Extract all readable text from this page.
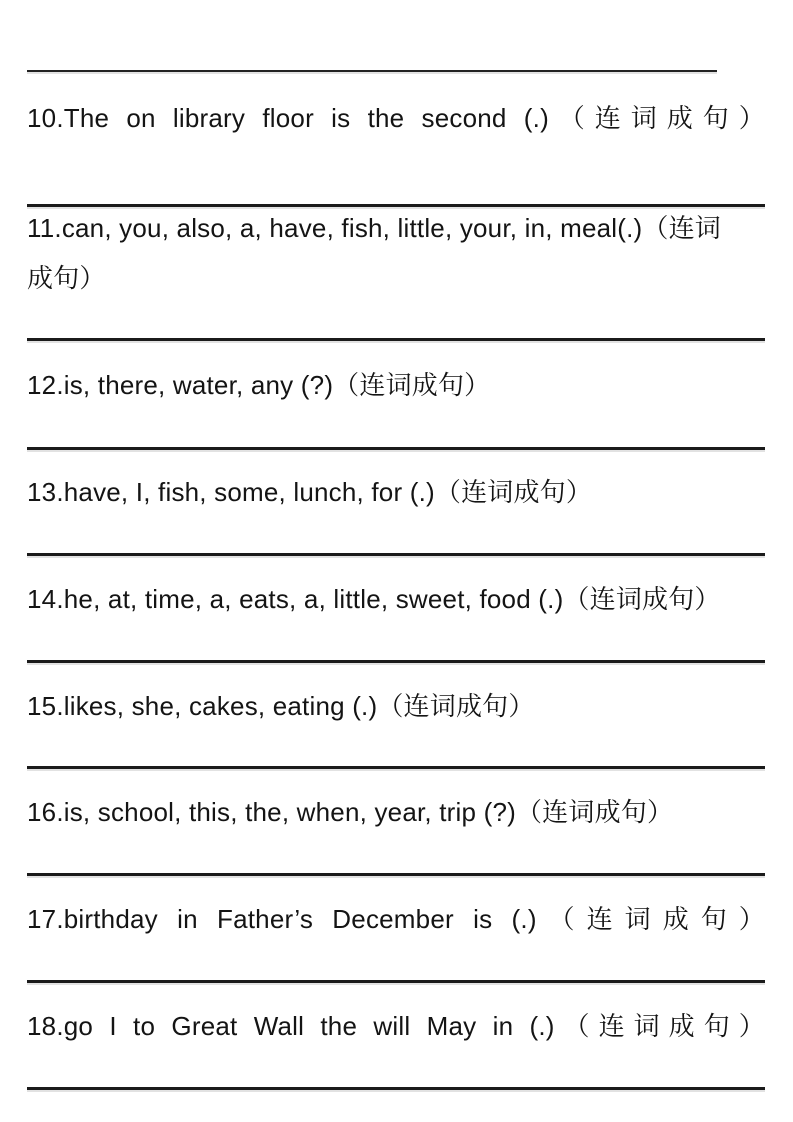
10.The on library floor is the second (.)（连词成句）
11.can, you, also, a, have, fish, little, your, in, meal(.)（连词
成句）
12.is, there, water, any (?)（连词成句）
13.have, I, fish, some, lunch, for (.)（连词成句）
14.he, at, time, a, eats, a, little, sweet, food (.)（连词成句）
15.likes, she, cakes, eating (.)（连词成句）
16.is, school, this, the, when, year, trip (?)（连词成句）
17.birthday in Father’s December is (.)（连词成句）
18.go I to Great Wall the will May in (.)（连词成句）
